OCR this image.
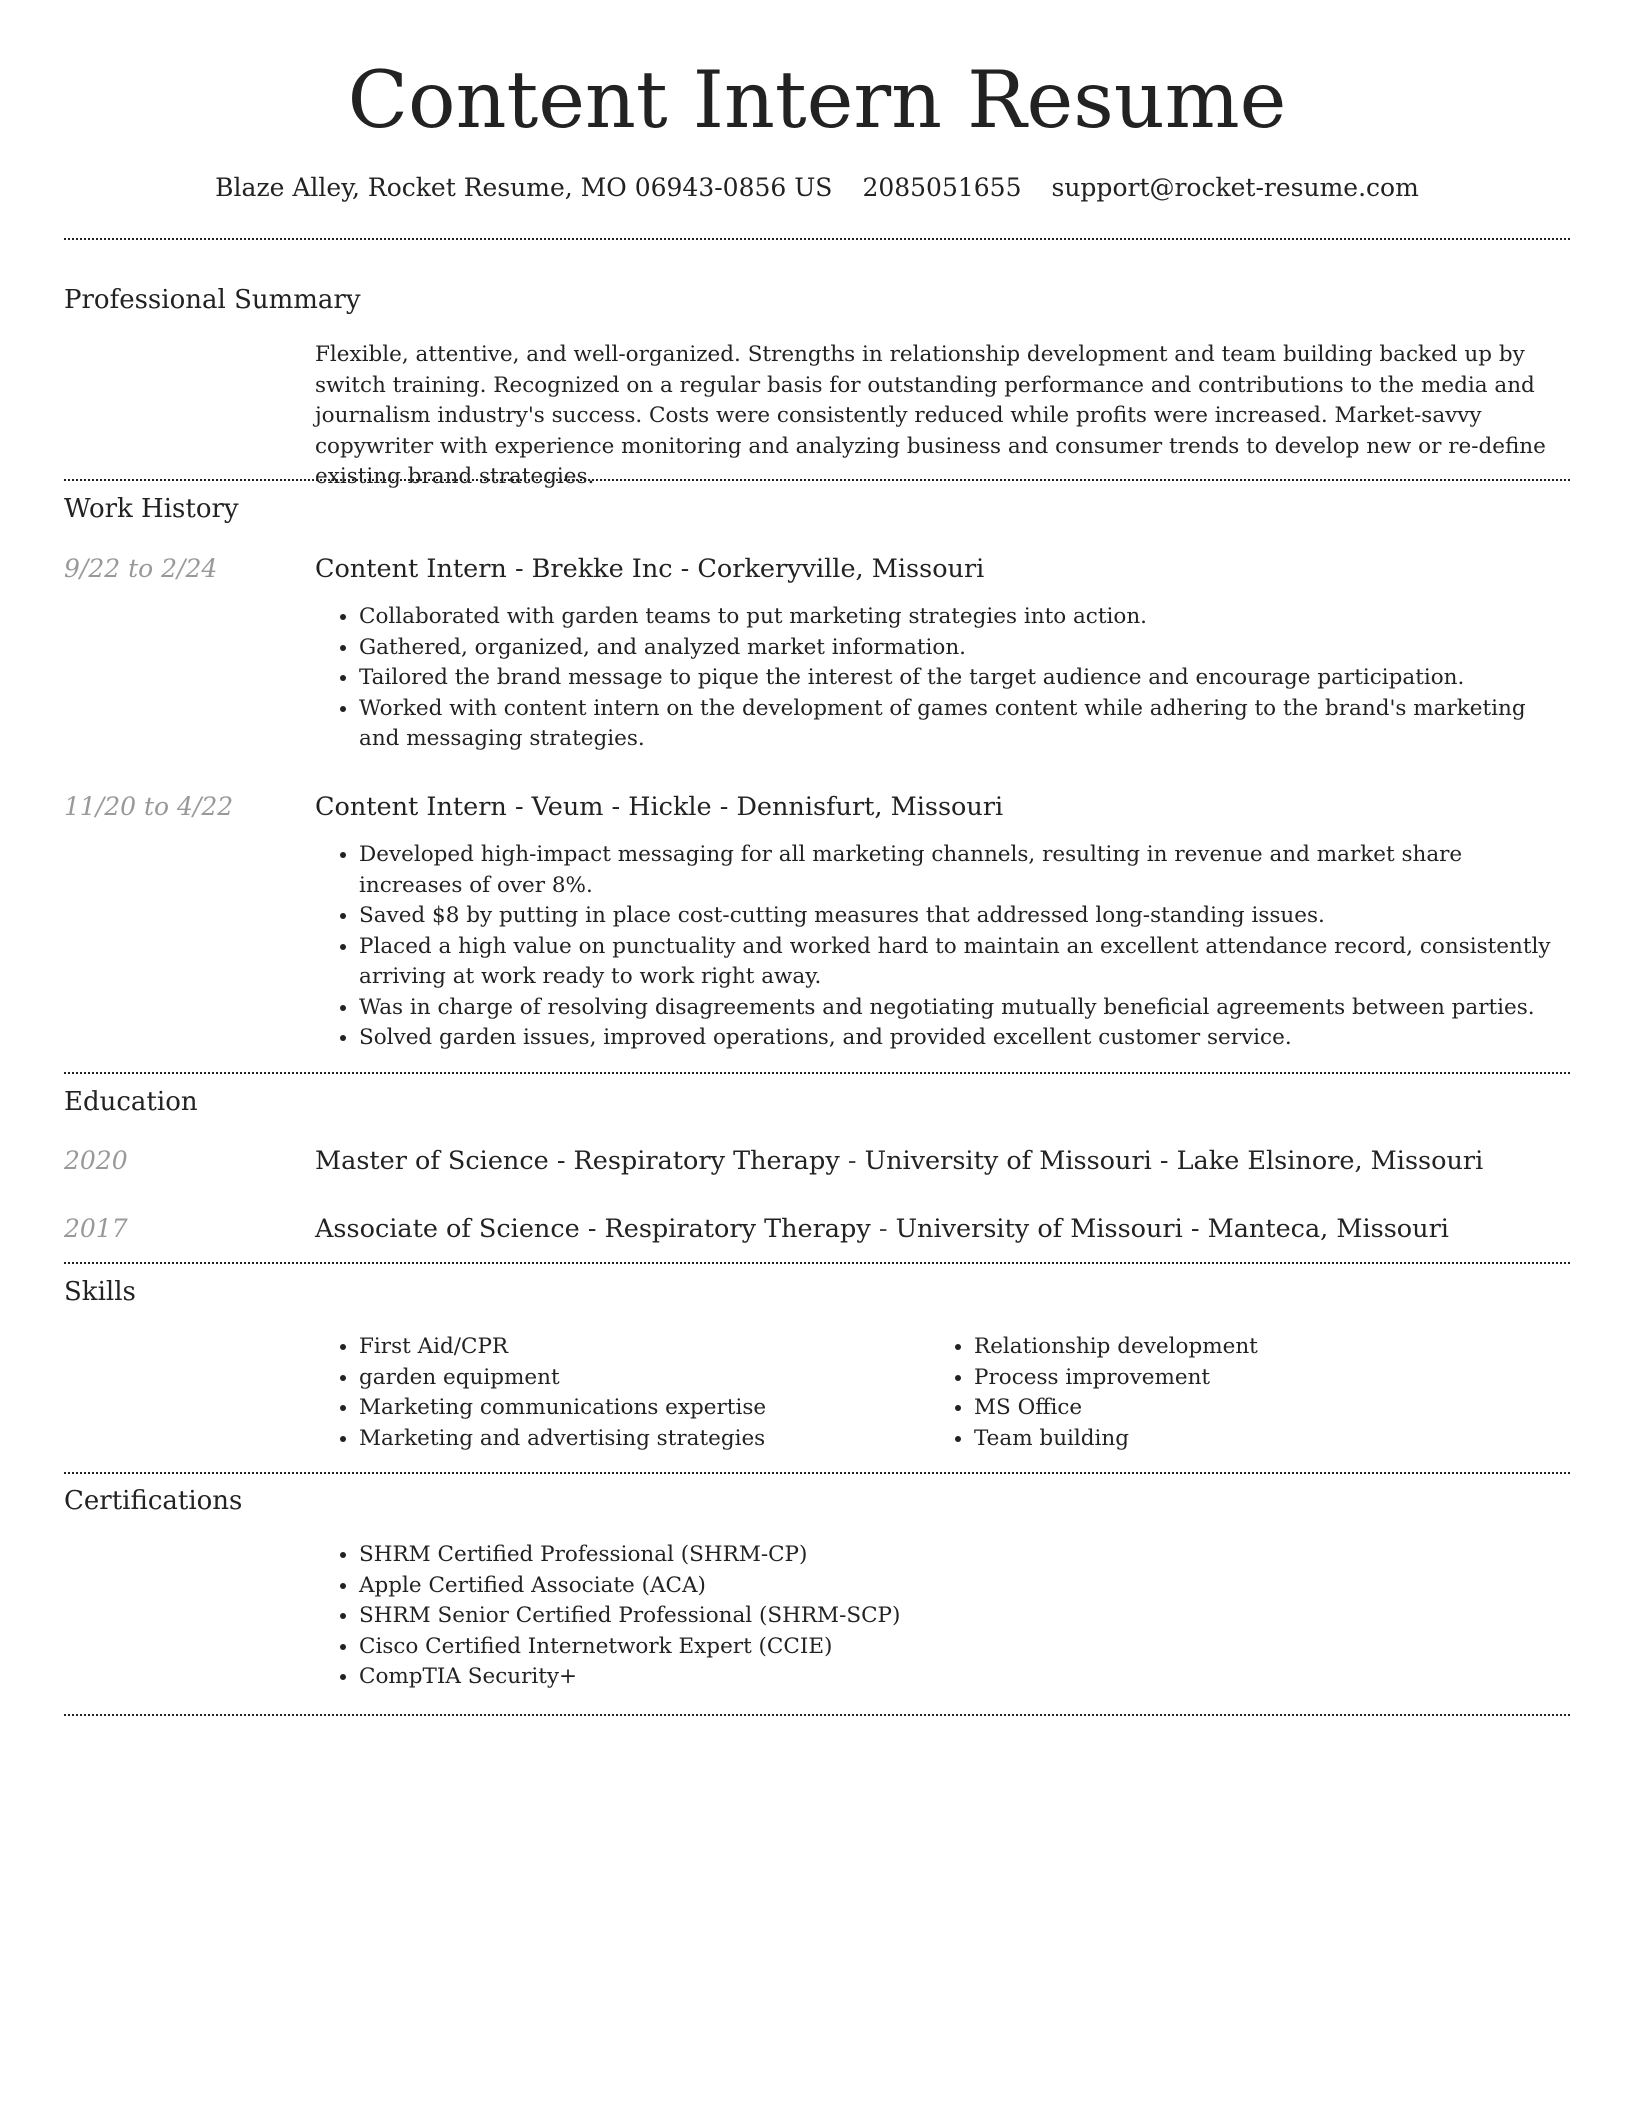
Content Intern Resume
Blaze Alley, Rocket Resume, MO 06943-0856 US 2085051655 support@rocket-resume.com
Professional Summary
Flexible, attentive, and well-organized. Strengths in relationship development and team building backed up by switch training. Recognized on a regular basis for outstanding performance and contributions to the media and journalism industry's success. Costs were consistently reduced while profits were increased. Market-savvy copywriter with experience monitoring and analyzing business and consumer trends to develop new or re-define existing brand strategies.
Work History
9/22 to 2/24	Content Intern - Brekke Inc - Corkeryville, Missouri
• Collaborated with garden teams to put marketing strategies into action.
• Gathered, organized, and analyzed market information.
• Tailored the brand message to pique the interest of the target audience and encourage participation.
• Worked with content intern on the development of games content while adhering to the brand's marketing and messaging strategies.
11/20 to 4/22	Content Intern - Veum - Hickle - Dennisfurt, Missouri
• Developed high-impact messaging for all marketing channels, resulting in revenue and market share increases of over 8%.
• Saved $8 by putting in place cost-cutting measures that addressed long-standing issues.
• Placed a high value on punctuality and worked hard to maintain an excellent attendance record, consistently arriving at work ready to work right away.
• Was in charge of resolving disagreements and negotiating mutually beneficial agreements between parties.
• Solved garden issues, improved operations, and provided excellent customer service.
Education
2020	Master of Science - Respiratory Therapy - University of Missouri - Lake Elsinore, Missouri
2017	Associate of Science - Respiratory Therapy - University of Missouri - Manteca, Missouri
Skills
• First Aid/CPR
• garden equipment
• Marketing communications expertise
• Marketing and advertising strategies
• Relationship development
• Process improvement
• MS Office
• Team building
Certifications
• SHRM Certified Professional (SHRM-CP)
• Apple Certified Associate (ACA)
• SHRM Senior Certified Professional (SHRM-SCP)
• Cisco Certified Internetwork Expert (CCIE)
• CompTIA Security+
